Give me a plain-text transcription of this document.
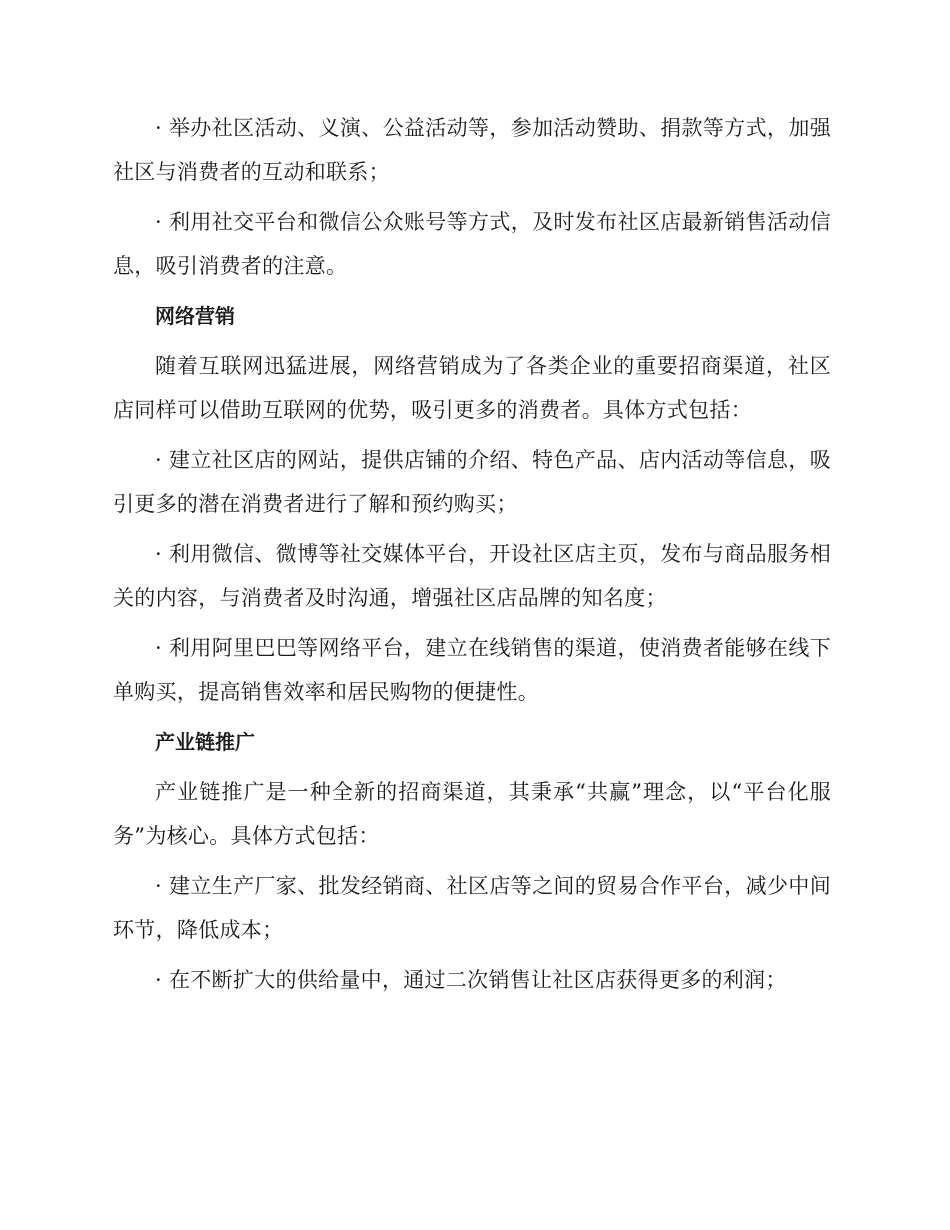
· 举办社区活动、义演、公益活动等，参加活动赞助、捐款等方式，加强社区与消费者的互动和联系；

· 利用社交平台和微信公众账号等方式，及时发布社区店最新销售活动信息，吸引消费者的注意。

网络营销

随着互联网迅猛进展，网络营销成为了各类企业的重要招商渠道，社区店同样可以借助互联网的优势，吸引更多的消费者。具体方式包括：

· 建立社区店的网站，提供店铺的介绍、特色产品、店内活动等信息，吸引更多的潜在消费者进行了解和预约购买；

· 利用微信、微博等社交媒体平台，开设社区店主页，发布与商品服务相关的内容，与消费者及时沟通，增强社区店品牌的知名度；

· 利用阿里巴巴等网络平台，建立在线销售的渠道，使消费者能够在线下单购买，提高销售效率和居民购物的便捷性。

产业链推广

产业链推广是一种全新的招商渠道，其秉承“共赢”理念，以“平台化服务”为核心。具体方式包括：

· 建立生产厂家、批发经销商、社区店等之间的贸易合作平台，减少中间环节，降低成本；

· 在不断扩大的供给量中，通过二次销售让社区店获得更多的利润；
